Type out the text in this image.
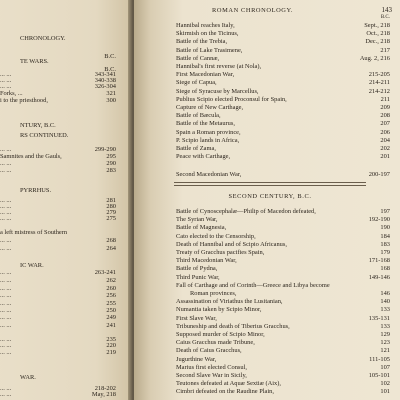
CHRONOLOGY.
B.C.
TE WARS.
B.C.
... ...	343-341
... ...	340-338
... ...	326-304
Forks, ...	321
i to the priesthood,	300
NTURY, B.C.
RS CONTINUED.
... ...	299-290
Samnites and the Gauls,	295
... ...	290
... ...	283
PYRRHUS.
... ...	281
... ...	280
... ...	279
... ...	275
a left mistress of Southern
... ...	268
... ...	264
IC WAR.
... ...	263-241
... ...	262
... ...	260
... ...	256
... ...	255
... ...	250
... ...	249
... ...	241
... ...	235
... ...	220
... ...	219
WAR.
... ...	218-202
... ...	May, 218
ROMAN CHRONOLOGY.	143
B.C.
SECOND CENTURY, B.C.
Hannibal reaches Italy,	Sept., 218
Skirmish on the Ticinus,	Oct., 218
Battle of the Trebia,	Dec., 218
Battle of Lake Trasimene,	217
Battle of Cannæ,	Aug. 2, 216
Hannibal's first reverse (at Nola),
First Macedonian War,	215-205
Siege of Capua,	214-211
Siege of Syracuse by Marcellus,	214-212
Publius Scipio elected Proconsul for Spain,	211
Capture of New Carthage,	209
Battle of Bæcula,	208
Battle of the Metaurus,	207
Spain a Roman province,	206
P. Scipio lands in Africa,	204
Battle of Zama,	202
Peace with Carthage,	201
Second Macedonian War,	200-197
Battle of Cynoscephalæ—Philip of Macedon defeated,	197
The Syrian War,	192-190
Battle of Magnesia,	190
Cato elected to the Censorship,	184
Death of Hannibal and of Scipio Africanus,	183
Treaty of Gracchus pacifies Spain,	179
Third Macedonian War,	171-168
Battle of Pydna,	168
Third Punic War,	149-146
Fall of Carthage and of Corinth—Greece and Libya become
Roman provinces,	146
Assassination of Viriathus the Lusitanian,	140
Numantia taken by Scipio Minor,	133
First Slave War,	135-131
Tribuneship and death of Tiberius Gracchus,	133
Supposed murder of Scipio Minor,	129
Caius Gracchus made Tribune,	123
Death of Caius Gracchus,	121
Jugurthine War,	111-105
Marius first elected Consul,	107
Second Slave War in Sicily,	105-101
Teutones defeated at Aquæ Sextiæ (Aix),	102
Cimbri defeated on the Raudine Plain,	101
